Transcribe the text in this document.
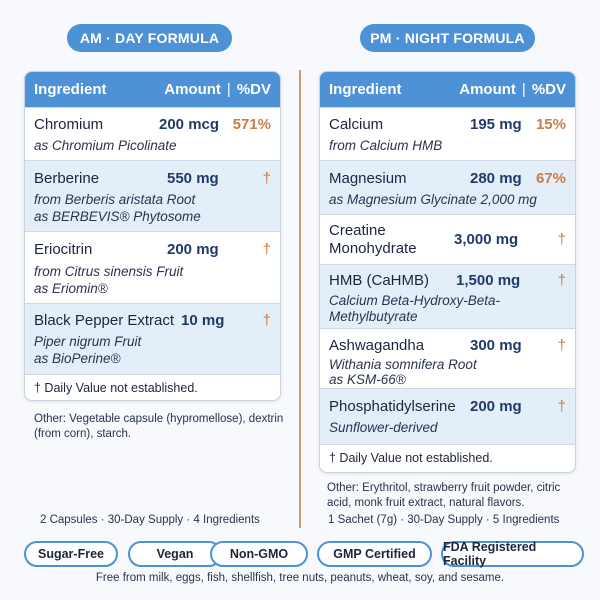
AM · DAY FORMULA	PM · NIGHT FORMULA
Ingredient	Amount | %DV
Chromium	200 mcg 571%
as Chromium Picolinate
Berberine	550 mg	†
from Berberis aristata Root
as BERBEVIS® Phytosome
Eriocitrin	200 mg	†
from Citrus sinensis Fruit
as Eriomin®
Black Pepper Extract 10 mg	†
Piper nigrum Fruit
as BioPerine®
† Daily Value not established.
Other: Vegetable capsule (hypromellose), dextrin (from corn), starch.
Ingredient	Amount | %DV
Calcium	195 mg 15%
from Calcium HMB
Magnesium	280 mg 67%
as Magnesium Glycinate 2,000 mg
Creatine
Monohydrate
3,000 mg	†
HMB (CaHMB) 1,500 mg †
Calcium Beta-Hydroxy-Beta-
Methylbutyrate
Ashwagandha	300 mg †
Withania somnifera Root
as KSM-66®
Phosphatidylserine 200 mg †
Sunflower-derived
† Daily Value not established.
Other: Erythritol, strawberry fruit powder, citric acid, monk fruit extract, natural flavors.
2 Capsules · 30-Day Supply · 4 Ingredients	1 Sachet (7g) · 30-Day Supply · 5 Ingredients
Sugar-Free	Vegan	Non-GMO	GMP Certified	FDA Registered Facility
Free from milk, eggs, fish, shellfish, tree nuts, peanuts, wheat, soy, and sesame.
